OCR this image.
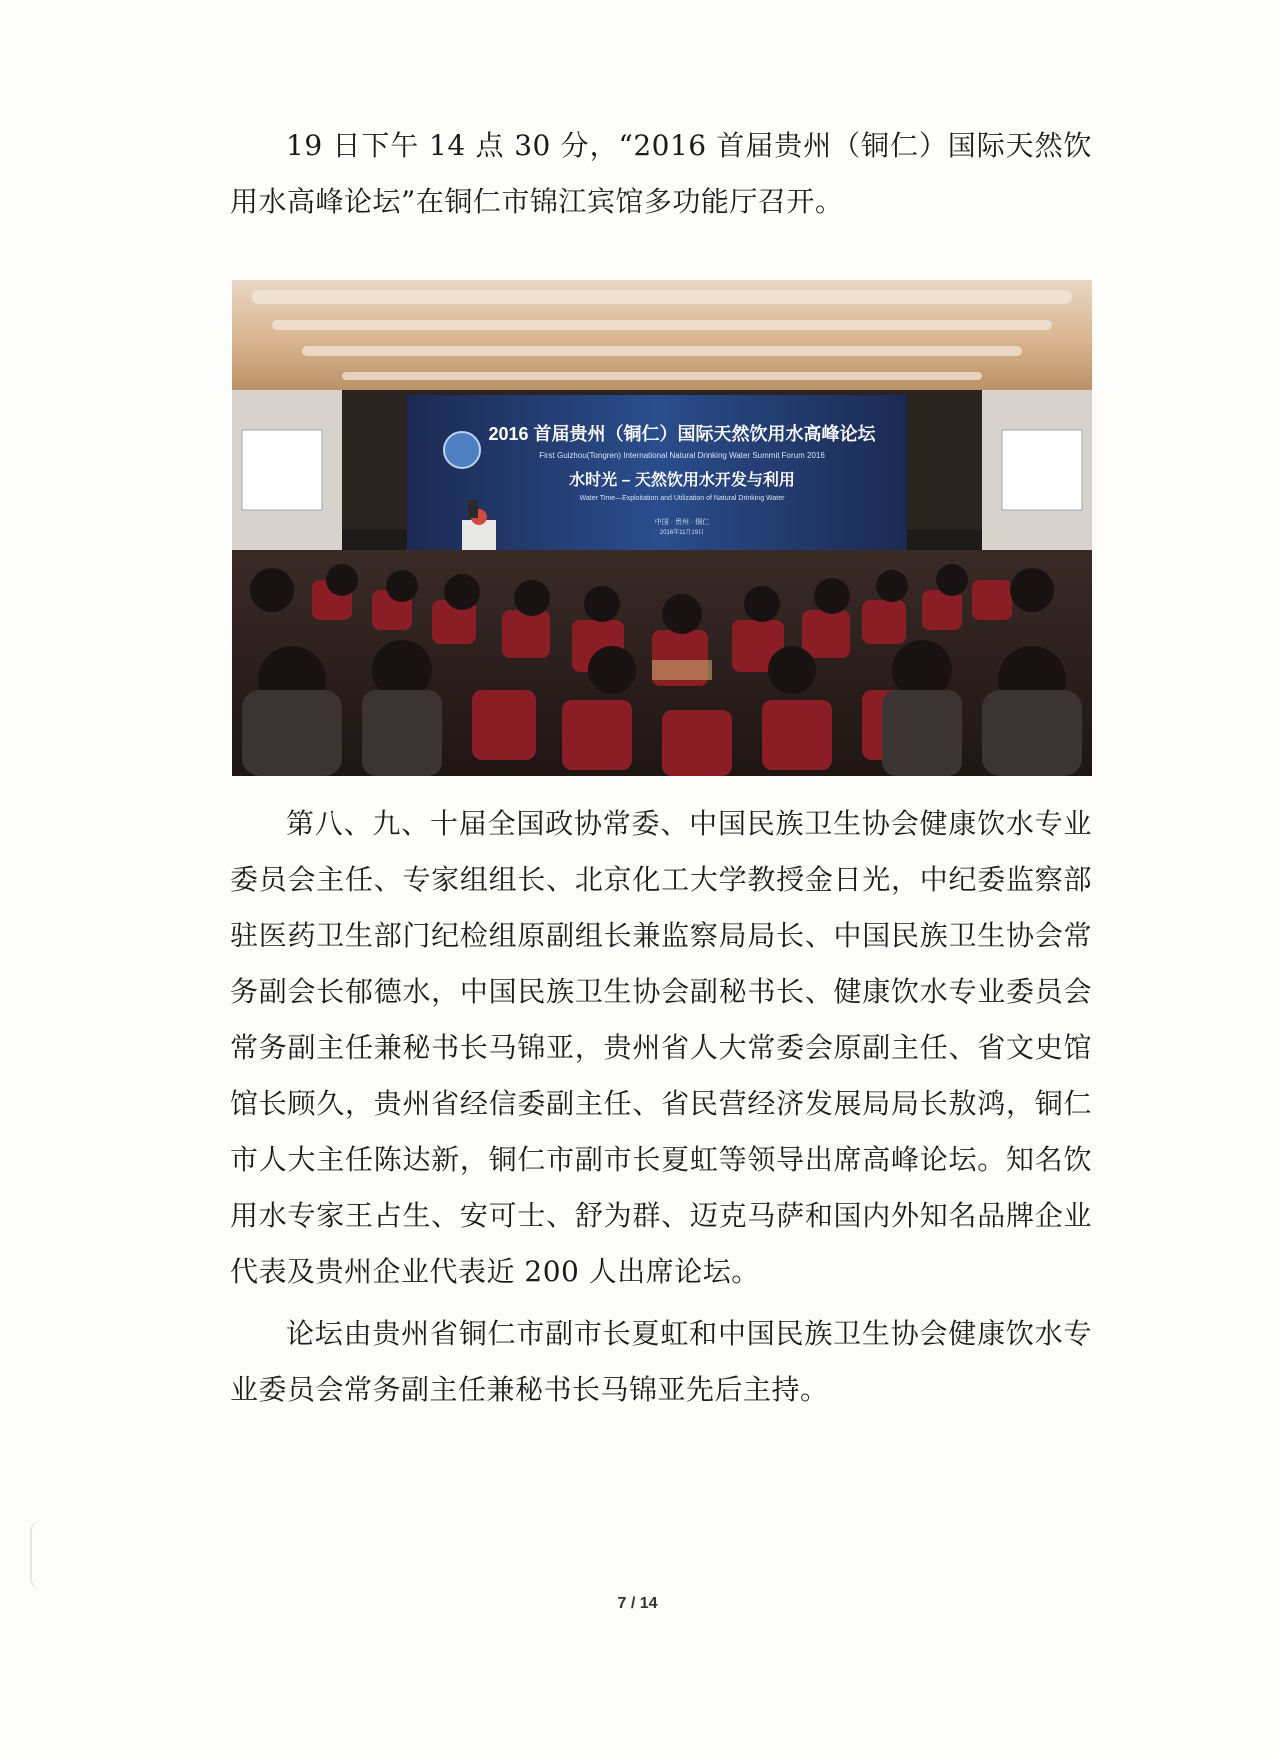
19 日下午 14 点 30 分，“2016 首届贵州（铜仁）国际天然饮用水高峰论坛”在铜仁市锦江宾馆多功能厅召开。

2016 首届贵州（铜仁）国际天然饮用水高峰论坛
First Guizhou(Tongren) International Natural Drinking Water Summit Forum 2016
水时光 – 天然饮用水开发与利用
Water Time—Exploitation and Utilization of Natural Drinking Water
中国 · 贵州 · 铜仁
2016年11月19日

第八、九、十届全国政协常委、中国民族卫生协会健康饮水专业委员会主任、专家组组长、北京化工大学教授金日光，中纪委监察部驻医药卫生部门纪检组原副组长兼监察局局长、中国民族卫生协会常务副会长郁德水，中国民族卫生协会副秘书长、健康饮水专业委员会常务副主任兼秘书长马锦亚，贵州省人大常委会原副主任、省文史馆馆长顾久，贵州省经信委副主任、省民营经济发展局局长敖鸿，铜仁市人大主任陈达新，铜仁市副市长夏虹等领导出席高峰论坛。知名饮用水专家王占生、安可士、舒为群、迈克马萨和国内外知名品牌企业代表及贵州企业代表近 200 人出席论坛。

论坛由贵州省铜仁市副市长夏虹和中国民族卫生协会健康饮水专业委员会常务副主任兼秘书长马锦亚先后主持。

7 / 14
